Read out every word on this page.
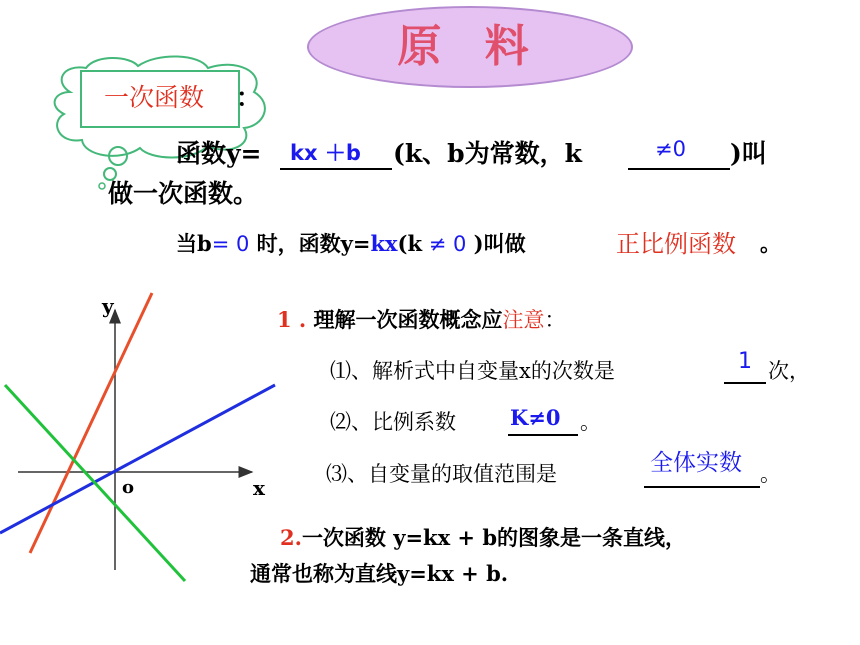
原 料
一次函数 ：
函数y= kx ＋b (k、b为常数，k	≠0 )叫
做一次函数。
当b= 0 时，函数y=kx(k ≠ 0 )叫做	正比例函数 。
y
x
o
1 . 理解一次函数概念应注意：
⑴、解析式中自变量x的次数是	1 次，
⑵、比例系数	K≠0 。
⑶、自变量的取值范围是	全体实数 。
2.一次函数 y=kx + b的图象是一条直线，
通常也称为直线y=kx + b.
